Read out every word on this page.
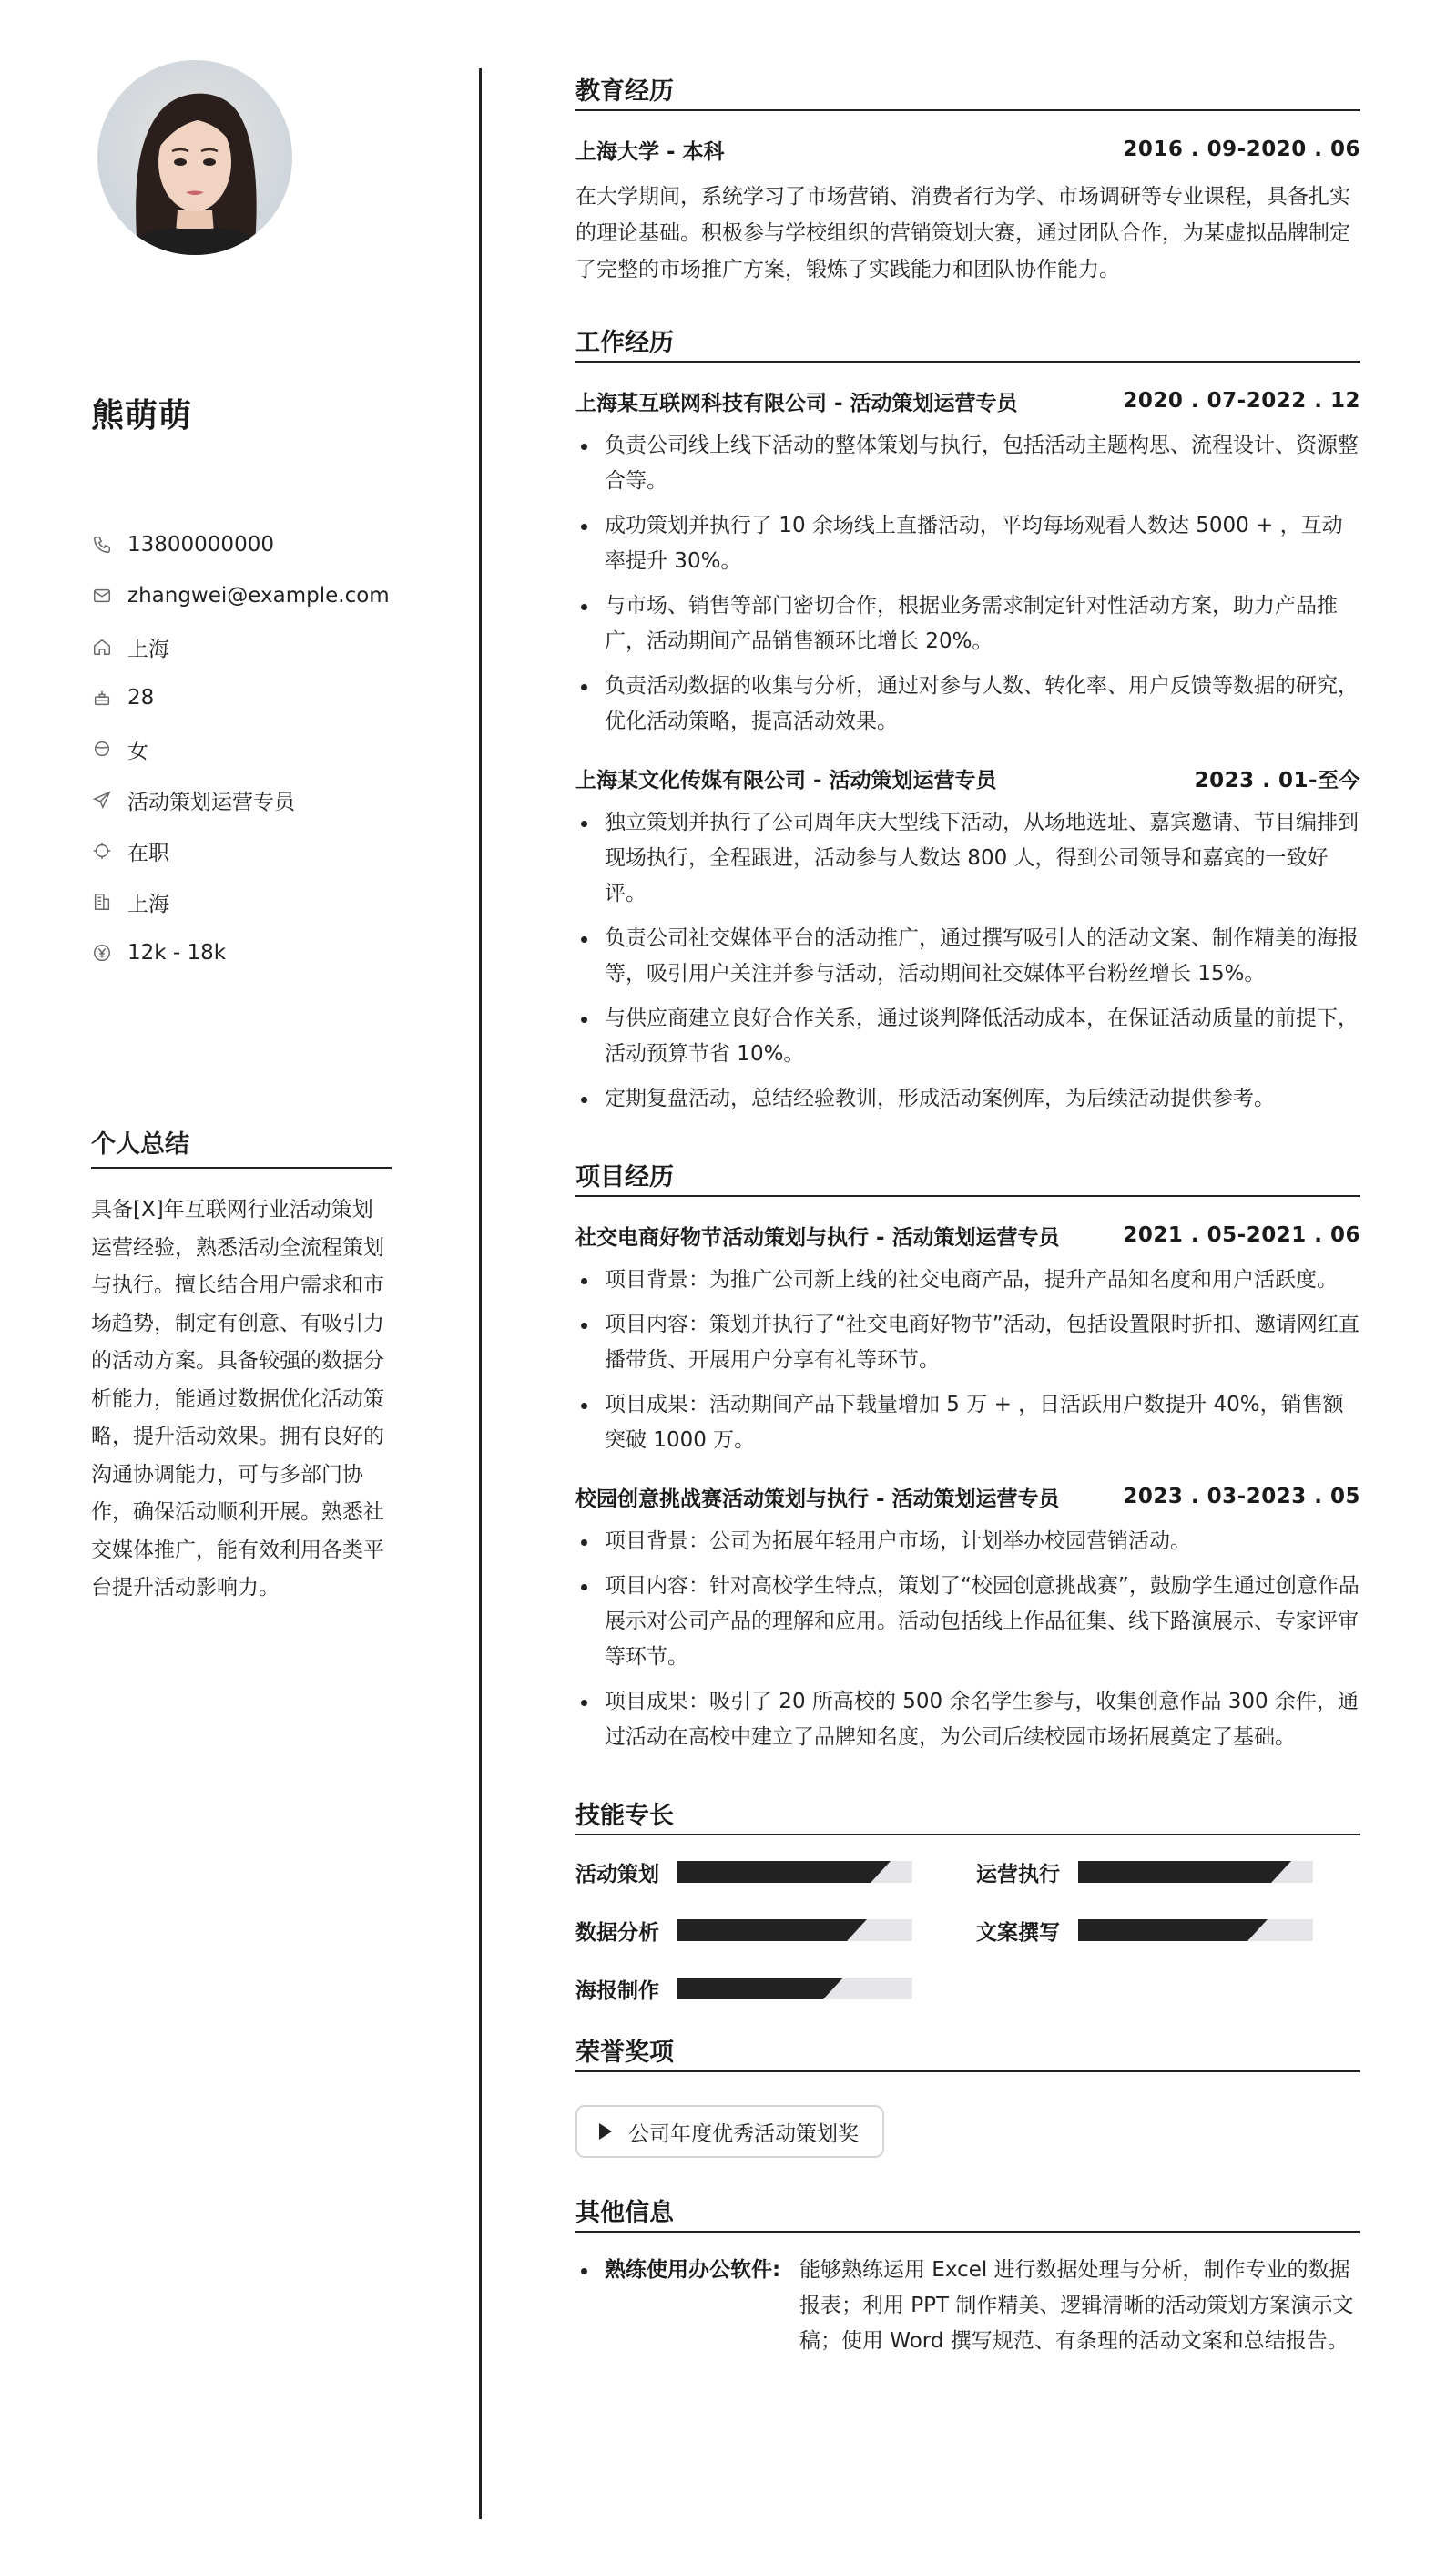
熊萌萌
13800000000
zhangwei@example.com
上海
28
女
活动策划运营专员
在职
上海
12k - 18k
个人总结
具备[X]年互联网行业活动策划运营经验，熟悉活动全流程策划与执行。擅长结合用户需求和市场趋势，制定有创意、有吸引力的活动方案。具备较强的数据分析能力，能通过数据优化活动策略，提升活动效果。拥有良好的沟通协调能力，可与多部门协作，确保活动顺利开展。熟悉社交媒体推广，能有效利用各类平台提升活动影响力。
教育经历
上海大学 - 本科	2016 . 09-2020 . 06
在大学期间，系统学习了市场营销、消费者行为学、市场调研等专业课程，具备扎实的理论基础。积极参与学校组织的营销策划大赛，通过团队合作，为某虚拟品牌制定了完整的市场推广方案，锻炼了实践能力和团队协作能力。
工作经历
上海某互联网科技有限公司 - 活动策划运营专员	2020 . 07-2022 . 12
负责公司线上线下活动的整体策划与执行，包括活动主题构思、流程设计、资源整合等。
成功策划并执行了 10 余场线上直播活动，平均每场观看人数达 5000 + ，互动率提升 30%。
与市场、销售等部门密切合作，根据业务需求制定针对性活动方案，助力产品推广，活动期间产品销售额环比增长 20%。
负责活动数据的收集与分析，通过对参与人数、转化率、用户反馈等数据的研究，优化活动策略，提高活动效果。
上海某文化传媒有限公司 - 活动策划运营专员	2023 . 01-至今
独立策划并执行了公司周年庆大型线下活动，从场地选址、嘉宾邀请、节目编排到现场执行，全程跟进，活动参与人数达 800 人，得到公司领导和嘉宾的一致好评。
负责公司社交媒体平台的活动推广，通过撰写吸引人的活动文案、制作精美的海报等，吸引用户关注并参与活动，活动期间社交媒体平台粉丝增长 15%。
与供应商建立良好合作关系，通过谈判降低活动成本，在保证活动质量的前提下，活动预算节省 10%。
定期复盘活动，总结经验教训，形成活动案例库，为后续活动提供参考。
项目经历
社交电商好物节活动策划与执行 - 活动策划运营专员	2021 . 05-2021 . 06
项目背景：为推广公司新上线的社交电商产品，提升产品知名度和用户活跃度。
项目内容：策划并执行了“社交电商好物节”活动，包括设置限时折扣、邀请网红直播带货、开展用户分享有礼等环节。
项目成果：活动期间产品下载量增加 5 万 + ，日活跃用户数提升 40%，销售额突破 1000 万。
校园创意挑战赛活动策划与执行 - 活动策划运营专员	2023 . 03-2023 . 05
项目背景：公司为拓展年轻用户市场，计划举办校园营销活动。
项目内容：针对高校学生特点，策划了“校园创意挑战赛”，鼓励学生通过创意作品展示对公司产品的理解和应用。活动包括线上作品征集、线下路演展示、专家评审等环节。
项目成果：吸引了 20 所高校的 500 余名学生参与，收集创意作品 300 余件，通过活动在高校中建立了品牌知名度，为公司后续校园市场拓展奠定了基础。
技能专长
活动策划	运营执行
数据分析	文案撰写
海报制作
荣誉奖项
公司年度优秀活动策划奖
其他信息
熟练使用办公软件: 能够熟练运用 Excel 进行数据处理与分析，制作专业的数据报表；利用 PPT 制作精美、逻辑清晰的活动策划方案演示文稿；使用 Word 撰写规范、有条理的活动文案和总结报告。
